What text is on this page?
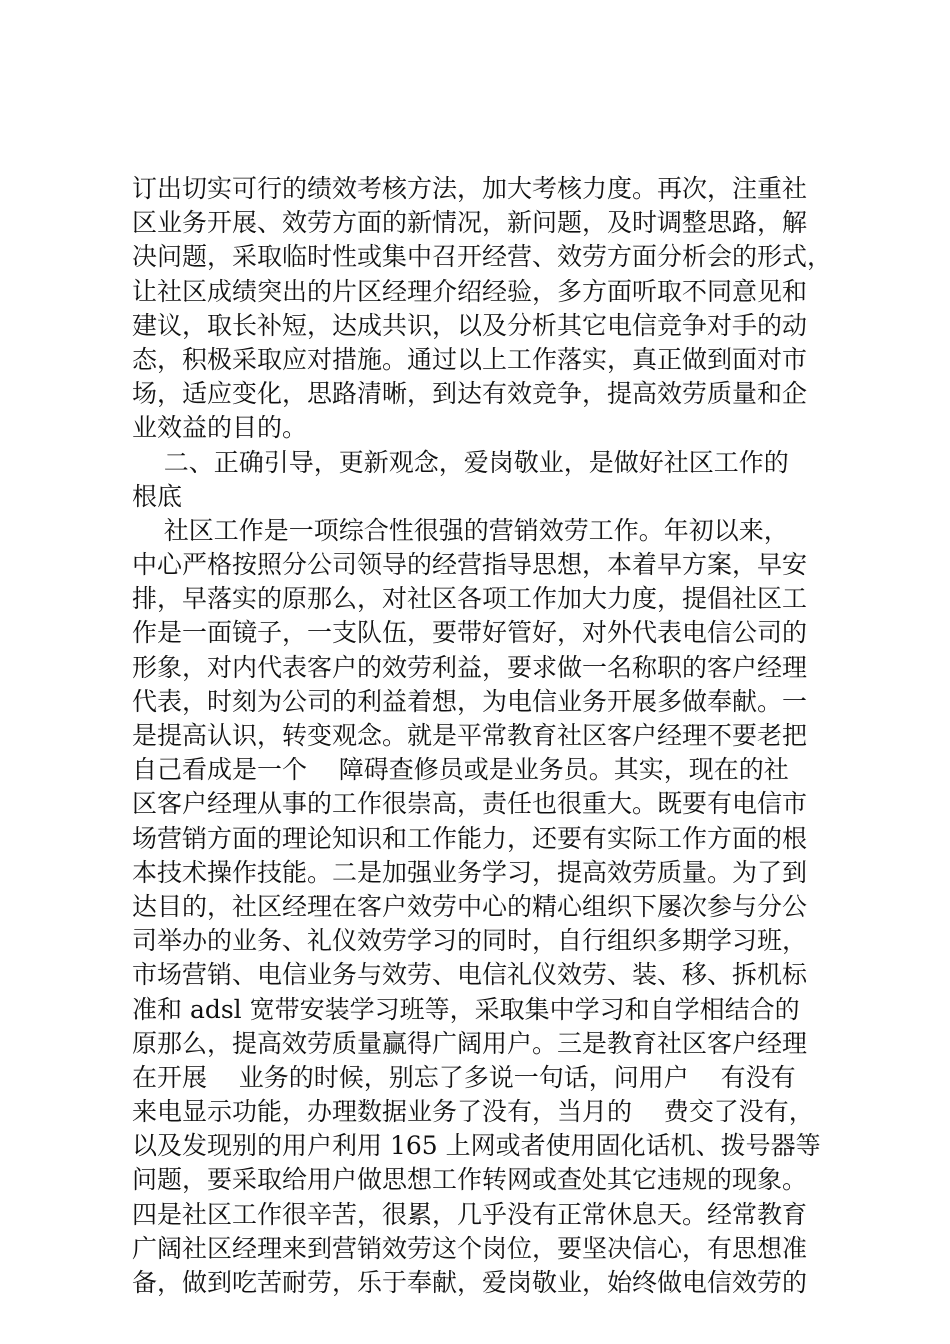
订出切实可行的绩效考核方法，加大考核力度。再次，注重社
区业务开展、效劳方面的新情况，新问题，及时调整思路，解
决问题，采取临时性或集中召开经营、效劳方面分析会的形式，
让社区成绩突出的片区经理介绍经验，多方面听取不同意见和
建议，取长补短，达成共识，以及分析其它电信竞争对手的动
态，积极采取应对措施。通过以上工作落实，真正做到面对市
场，适应变化，思路清晰，到达有效竞争，提高效劳质量和企
业效益的目的。
二、正确引导，更新观念，爱岗敬业，是做好社区工作的
根底
社区工作是一项综合性很强的营销效劳工作。年初以来，
中心严格按照分公司领导的经营指导思想，本着早方案，早安
排，早落实的原那么，对社区各项工作加大力度，提倡社区工
作是一面镜子，一支队伍，要带好管好，对外代表电信公司的
形象，对内代表客户的效劳利益，要求做一名称职的客户经理
代表，时刻为公司的利益着想，为电信业务开展多做奉献。一
是提高认识，转变观念。就是平常教育社区客户经理不要老把
自己看成是一个    障碍查修员或是业务员。其实，现在的社
区客户经理从事的工作很崇高，责任也很重大。既要有电信市
场营销方面的理论知识和工作能力，还要有实际工作方面的根
本技术操作技能。二是加强业务学习，提高效劳质量。为了到
达目的，社区经理在客户效劳中心的精心组织下屡次参与分公
司举办的业务、礼仪效劳学习的同时，自行组织多期学习班，
市场营销、电信业务与效劳、电信礼仪效劳、装、移、拆机标
准和 adsl 宽带安装学习班等，采取集中学习和自学相结合的
原那么，提高效劳质量赢得广阔用户。三是教育社区客户经理
在开展    业务的时候，别忘了多说一句话，问用户    有没有
来电显示功能，办理数据业务了没有，当月的    费交了没有，
以及发现别的用户利用 165 上网或者使用固化话机、拨号器等
问题，要采取给用户做思想工作转网或查处其它违规的现象。
四是社区工作很辛苦，很累，几乎没有正常休息天。经常教育
广阔社区经理来到营销效劳这个岗位，要坚决信心，有思想准
备，做到吃苦耐劳，乐于奉献，爱岗敬业，始终做电信效劳的
